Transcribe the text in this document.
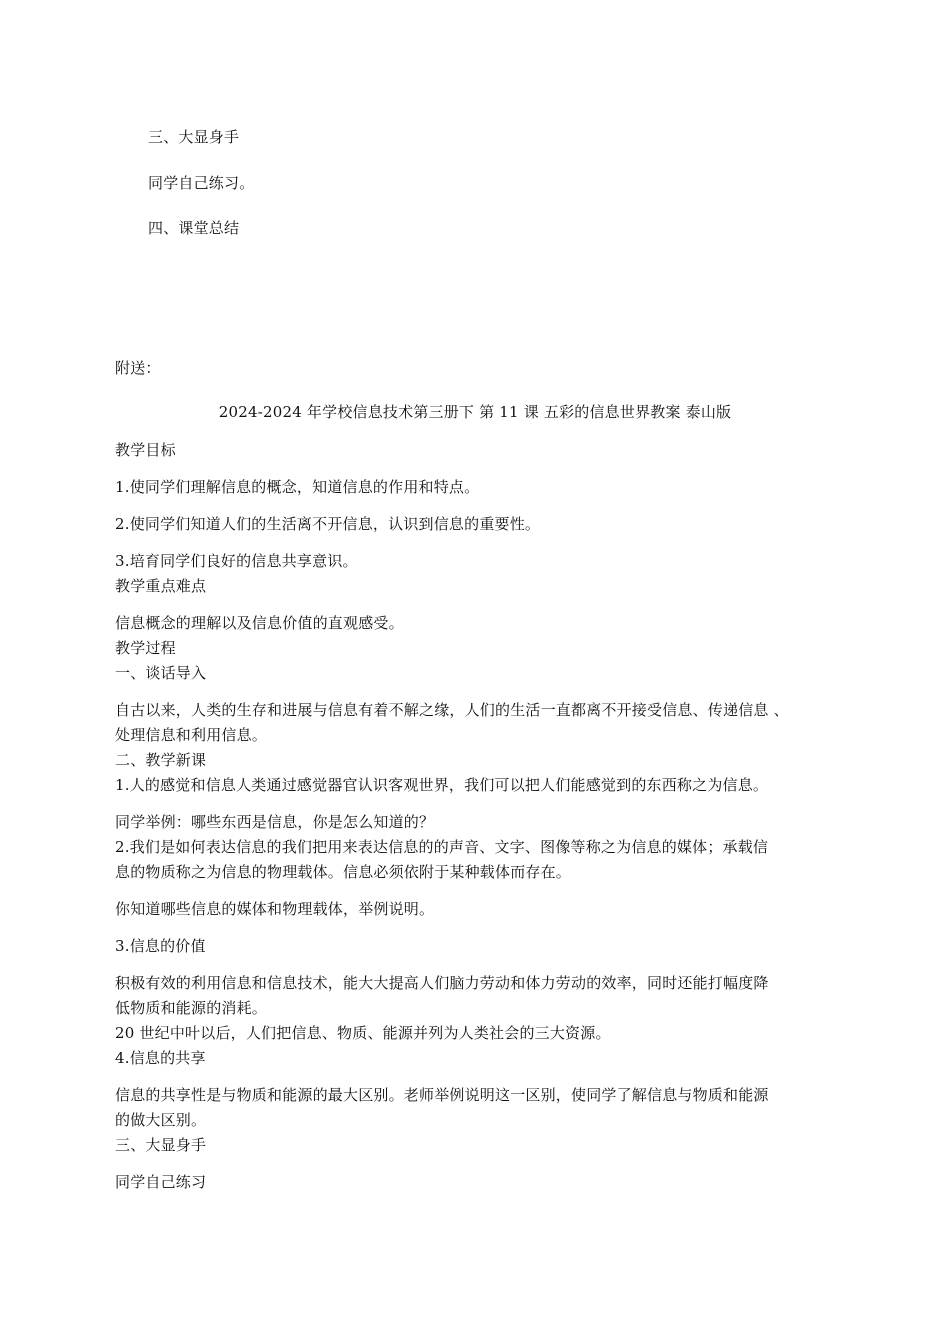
三、大显身手
同学自己练习。
四、课堂总结
附送：
2024-2024 年学校信息技术第三册下 第 11 课 五彩的信息世界教案 泰山版
教学目标
1.使同学们理解信息的概念，知道信息的作用和特点。
2.使同学们知道人们的生活离不开信息，认识到信息的重要性。
3.培育同学们良好的信息共享意识。
教学重点难点
信息概念的理解以及信息价值的直观感受。
教学过程
一、谈话导入
自古以来，人类的生存和进展与信息有着不解之缘，人们的生活一直都离不开接受信息、传递信息 、
处理信息和利用信息。
二、教学新课
1.人的感觉和信息人类通过感觉器官认识客观世界，我们可以把人们能感觉到的东西称之为信息。
同学举例：哪些东西是信息，你是怎么知道的？
2.我们是如何表达信息的我们把用来表达信息的的声音、文字、图像等称之为信息的媒体；承载信
息的物质称之为信息的物理载体。信息必须依附于某种载体而存在。
你知道哪些信息的媒体和物理载体，举例说明。
3.信息的价值
积极有效的利用信息和信息技术，能大大提高人们脑力劳动和体力劳动的效率，同时还能打幅度降
低物质和能源的消耗。
20 世纪中叶以后，人们把信息、物质、能源并列为人类社会的三大资源。
4.信息的共享
信息的共享性是与物质和能源的最大区别。老师举例说明这一区别，使同学了解信息与物质和能源
的做大区别。
三、大显身手
同学自己练习
